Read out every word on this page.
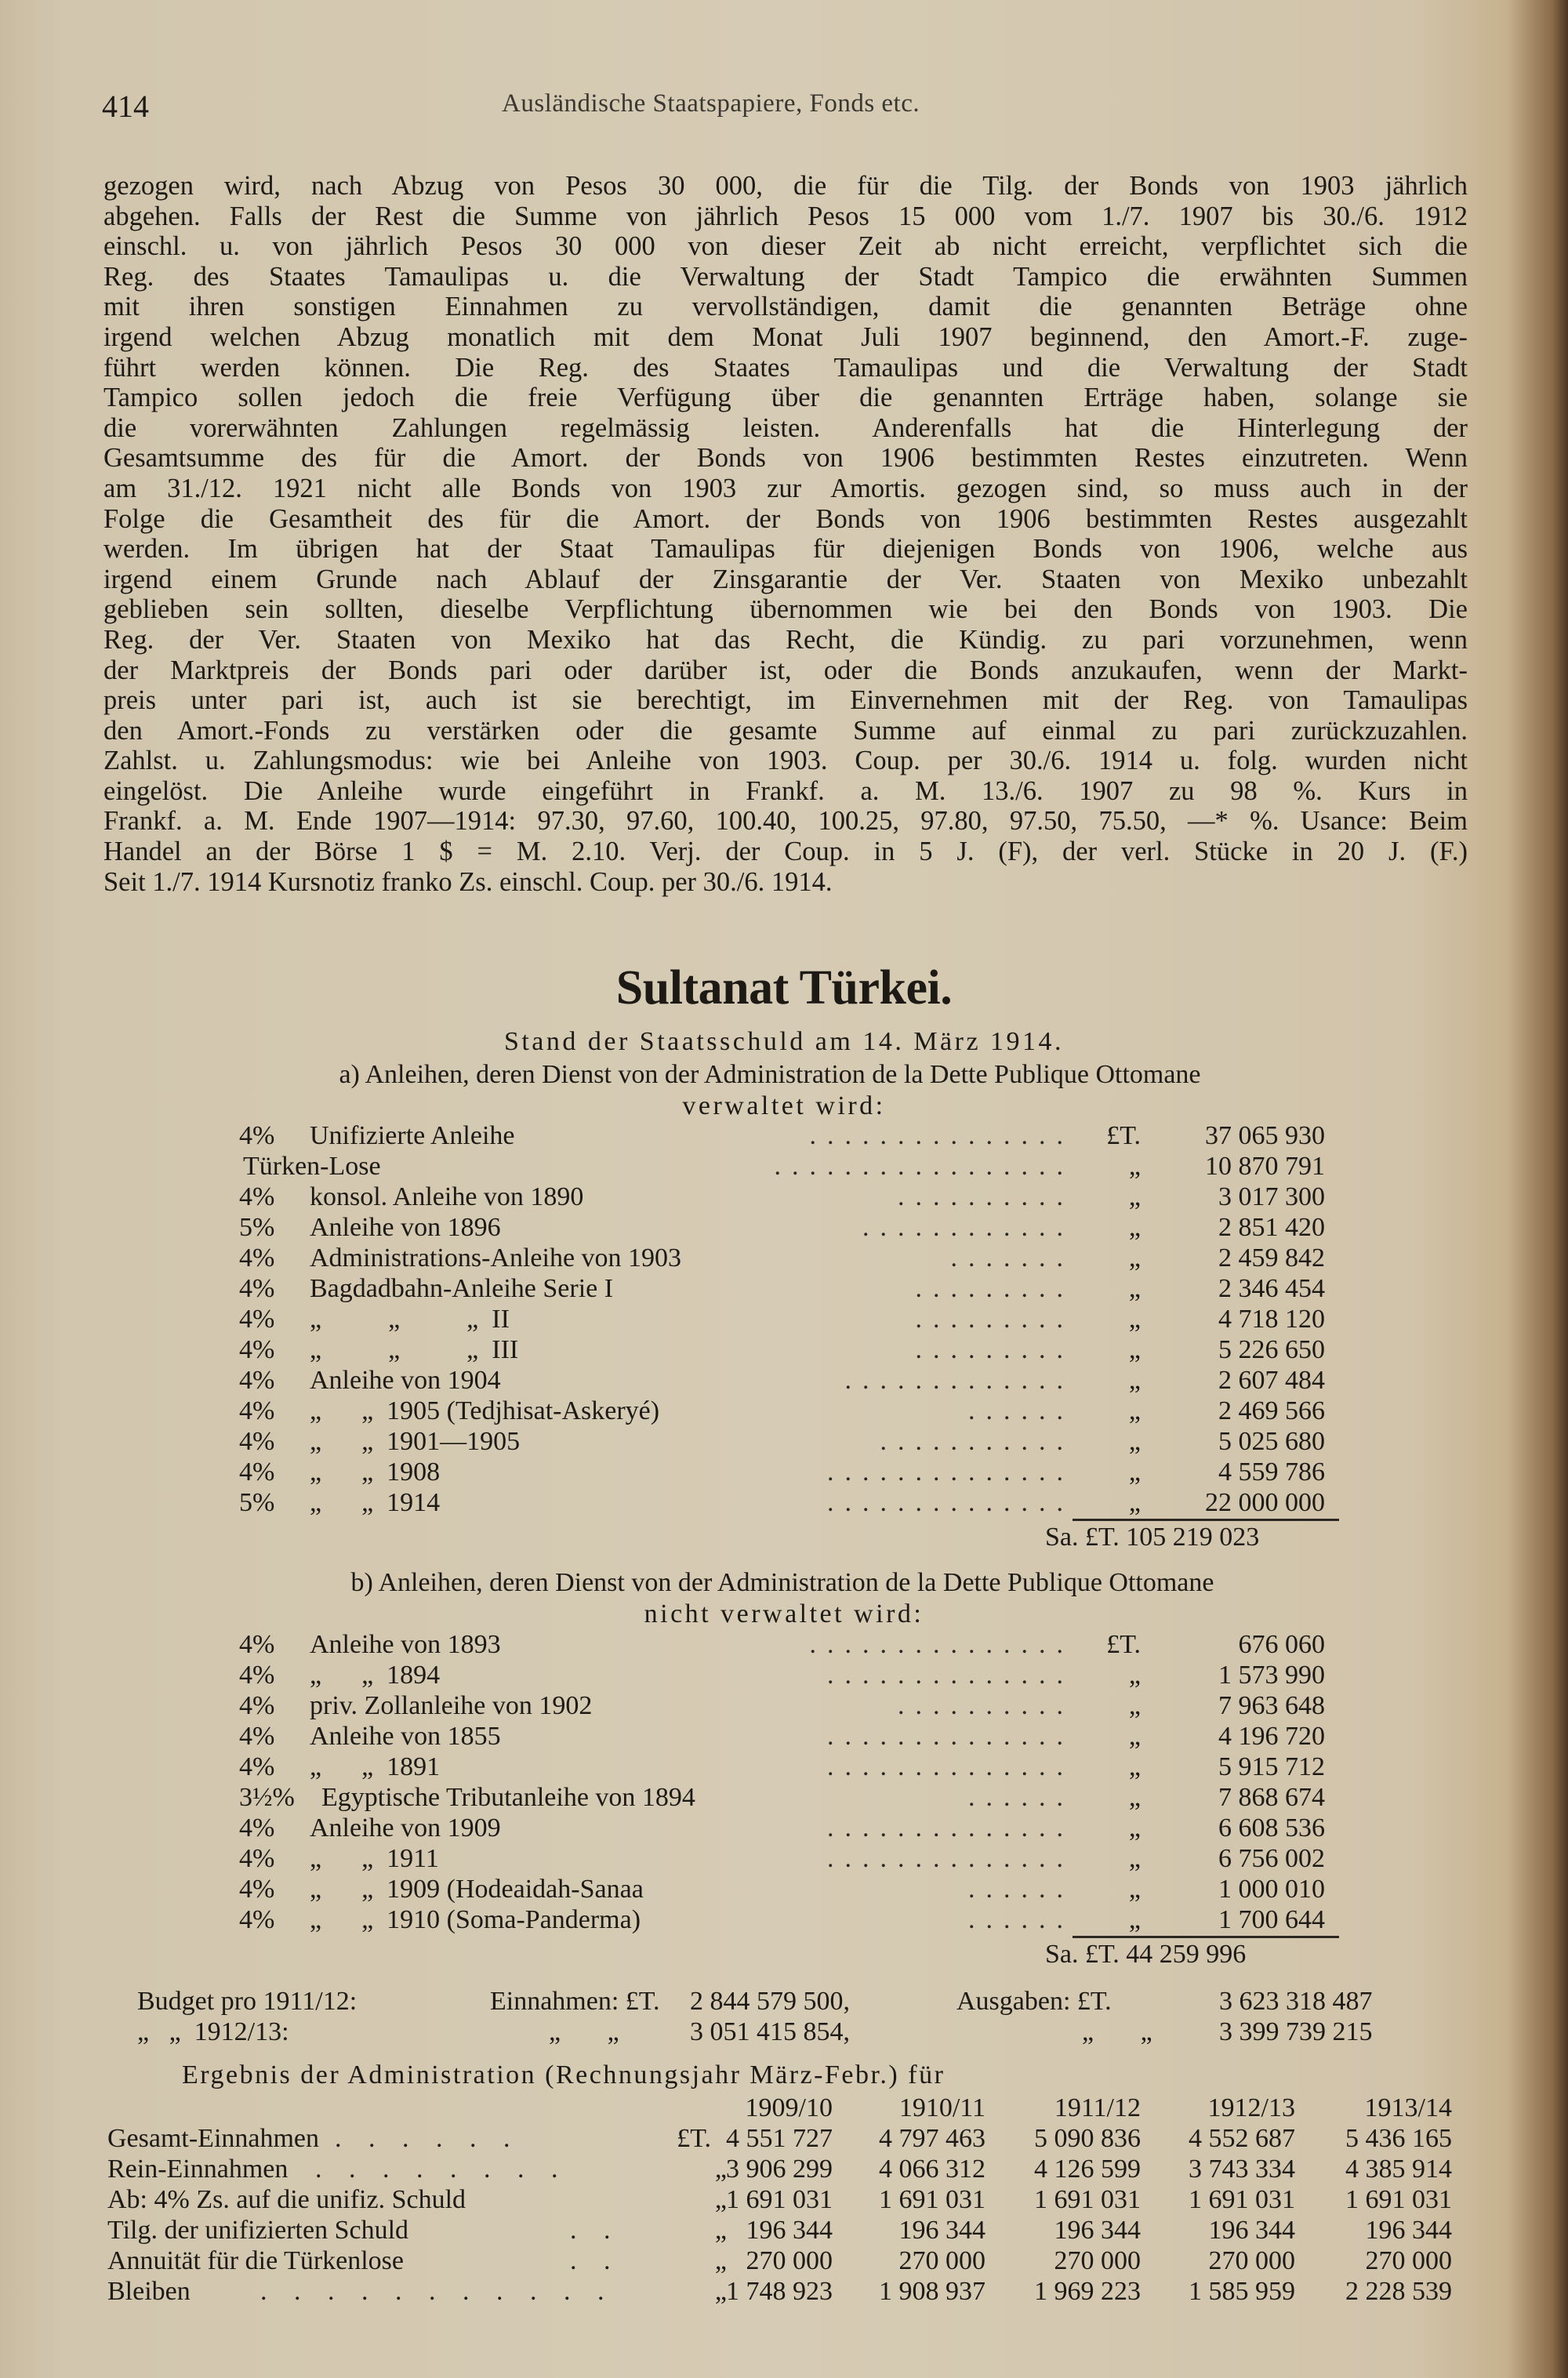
414	Ausländische Staatspapiere, Fonds etc.
gezogen wird, nach Abzug von Pesos 30 000, die für die Tilg. der Bonds von 1903 jährlich
abgehen. Falls der Rest die Summe von jährlich Pesos 15 000 vom 1./7. 1907 bis 30./6. 1912
einschl. u. von jährlich Pesos 30 000 von dieser Zeit ab nicht erreicht, verpflichtet sich die
Reg. des Staates Tamaulipas u. die Verwaltung der Stadt Tampico die erwähnten Summen
mit ihren sonstigen Einnahmen zu vervollständigen, damit die genannten Beträge ohne
irgend welchen Abzug monatlich mit dem Monat Juli 1907 beginnend, den Amort.-F. zuge-
führt werden können. Die Reg. des Staates Tamaulipas und die Verwaltung der Stadt
Tampico sollen jedoch die freie Verfügung über die genannten Erträge haben, solange sie
die vorerwähnten Zahlungen regelmässig leisten. Anderenfalls hat die Hinterlegung der
Gesamtsumme des für die Amort. der Bonds von 1906 bestimmten Restes einzutreten. Wenn
am 31./12. 1921 nicht alle Bonds von 1903 zur Amortis. gezogen sind, so muss auch in der
Folge die Gesamtheit des für die Amort. der Bonds von 1906 bestimmten Restes ausgezahlt
werden. Im übrigen hat der Staat Tamaulipas für diejenigen Bonds von 1906, welche aus
irgend einem Grunde nach Ablauf der Zinsgarantie der Ver. Staaten von Mexiko unbezahlt
geblieben sein sollten, dieselbe Verpflichtung übernommen wie bei den Bonds von 1903. Die
Reg. der Ver. Staaten von Mexiko hat das Recht, die Kündig. zu pari vorzunehmen, wenn
der Marktpreis der Bonds pari oder darüber ist, oder die Bonds anzukaufen, wenn der Markt-
preis unter pari ist, auch ist sie berechtigt, im Einvernehmen mit der Reg. von Tamaulipas
den Amort.-Fonds zu verstärken oder die gesamte Summe auf einmal zu pari zurückzuzahlen.
Zahlst. u. Zahlungsmodus: wie bei Anleihe von 1903. Coup. per 30./6. 1914 u. folg. wurden nicht
eingelöst. Die Anleihe wurde eingeführt in Frankf. a. M. 13./6. 1907 zu 98 %. Kurs in
Frankf. a. M. Ende 1907—1914: 97.30, 97.60, 100.40, 100.25, 97.80, 97.50, 75.50, —* %. Usance: Beim
Handel an der Börse 1 $ = M. 2.10. Verj. der Coup. in 5 J. (F), der verl. Stücke in 20 J. (F.)
Seit 1./7. 1914 Kursnotiz franko Zs. einschl. Coup. per 30./6. 1914.
Sultanat Türkei.
Stand der Staatsschuld am 14. März 1914.
a) Anleihen, deren Dienst von der Administration de la Dette Publique Ottomane
verwaltet wird:
4% Unifizierte Anleihe	...............	£T.	37 065 930
Türken-Lose	.................	„	10 870 791
4% konsol. Anleihe von 1890	..........	„	3 017 300
5% Anleihe von 1896	............	„	2 851 420
4% Administrations-Anleihe von 1903	.......	„	2 459 842
4% Bagdadbahn-Anleihe Serie I	.........	„	2 346 454
4% „          „          „  II	.........	„	4 718 120
4% „          „          „  III	.........	„	5 226 650
4% Anleihe von 1904	.............	„	2 607 484
4% „      „  1905 (Tedjhisat-Askeryé)	......	„	2 469 566
4% „      „  1901—1905	...........	„	5 025 680
4% „      „  1908	..............	„	4 559 786
5% „      „  1914	..............	„	22 000 000
Sa. £T. 105 219 023
b) Anleihen, deren Dienst von der Administration de la Dette Publique Ottomane
nicht verwaltet wird:
4% Anleihe von 1893	...............	£T.	676 060
4% „      „  1894	..............	„	1 573 990
4% priv. Zollanleihe von 1902	..........	„	7 963 648
4% Anleihe von 1855	..............	„	4 196 720
4% „      „  1891	..............	„	5 915 712
3½% Egyptische Tributanleihe von 1894	......	„	7 868 674
4% Anleihe von 1909	..............	„	6 608 536
4% „      „  1911	..............	„	6 756 002
4% „      „  1909 (Hodeaidah-Sanaa	......	„	1 000 010
4% „      „  1910 (Soma-Panderma)	......	„	1 700 644
Sa. £T. 44 259 996
Budget pro 1911/12:	Einnahmen: £T. 2 844 579 500,	Ausgaben: £T.	3 623 318 487
„   „  1912/13:	„       „	3 051 415 854,	„       „	3 399 739 215
Ergebnis der Administration (Rechnungsjahr März-Febr.) für
1909/10	1910/11	1911/12	1912/13	1913/14
Gesamt-Einnahmen . . . . . .	£T. 4 551 727	4 797 463	5 090 836	4 552 687	5 436 165
Rein-Einnahmen . . . . . . . .	„ 3 906 299	4 066 312	4 126 599	3 743 334	4 385 914
Ab: 4% Zs. auf die unifiz. Schuld	„ 1 691 031	1 691 031	1 691 031	1 691 031	1 691 031
Tilg. der unifizierten Schuld	. .	„ 196 344	196 344	196 344	196 344	196 344
Annuität für die Türkenlose	. .	„ 270 000	270 000	270 000	270 000	270 000
Bleiben	. . . . . . . . . . .	„ 1 748 923	1 908 937	1 969 223	1 585 959	2 228 539
